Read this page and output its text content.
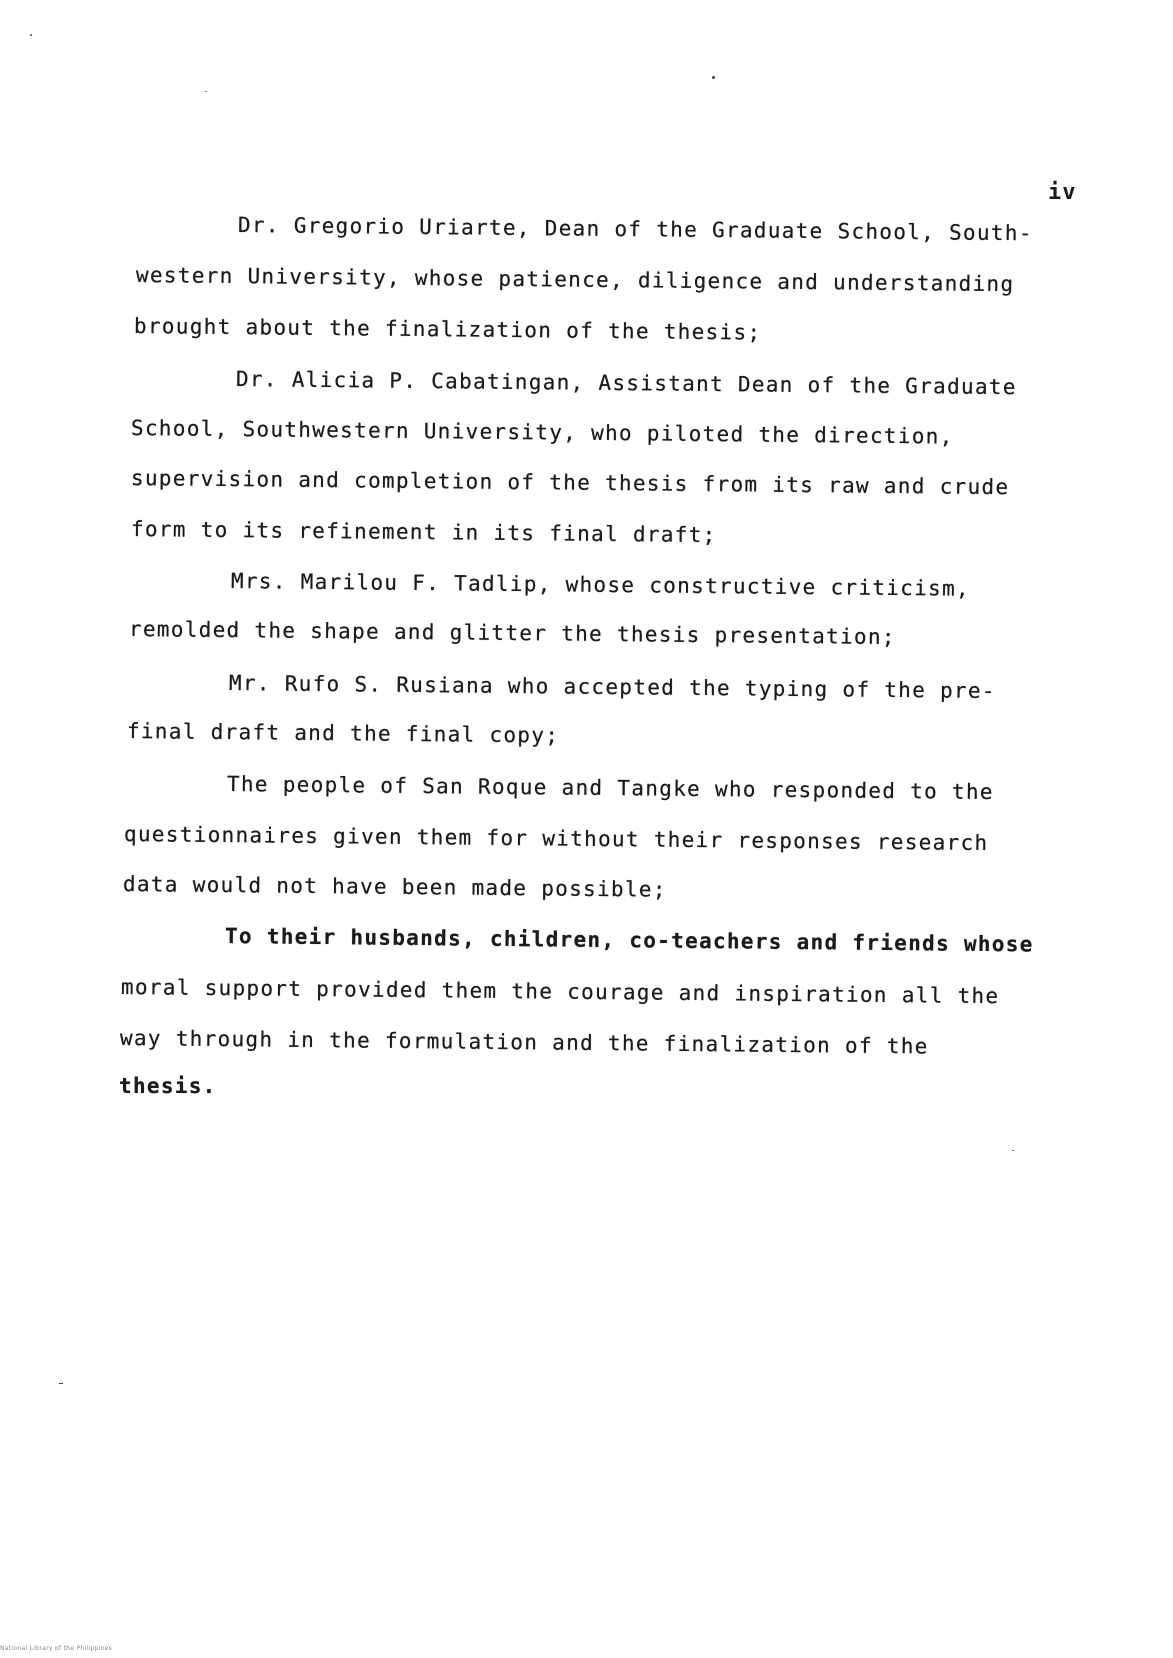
iv
Dr. Gregorio Uriarte, Dean of the Graduate School, South-
western University, whose patience, diligence and understanding
brought about the finalization of the thesis;
Dr. Alicia P. Cabatingan, Assistant Dean of the Graduate
School, Southwestern University, who piloted the direction,
supervision and completion of the thesis from its raw and crude
form to its refinement in its final draft;
Mrs. Marilou F. Tadlip, whose constructive criticism,
remolded the shape and glitter the thesis presentation;
Mr. Rufo S. Rusiana who accepted the typing of the pre-
final draft and the final copy;
The people of San Roque and Tangke who responded to the
questionnaires given them for without their responses research
data would not have been made possible;
To their husbands, children, co-teachers and friends whose
moral support provided them the courage and inspiration all the
way through in the formulation and the finalization of the
thesis.
National Library of the Philippines
